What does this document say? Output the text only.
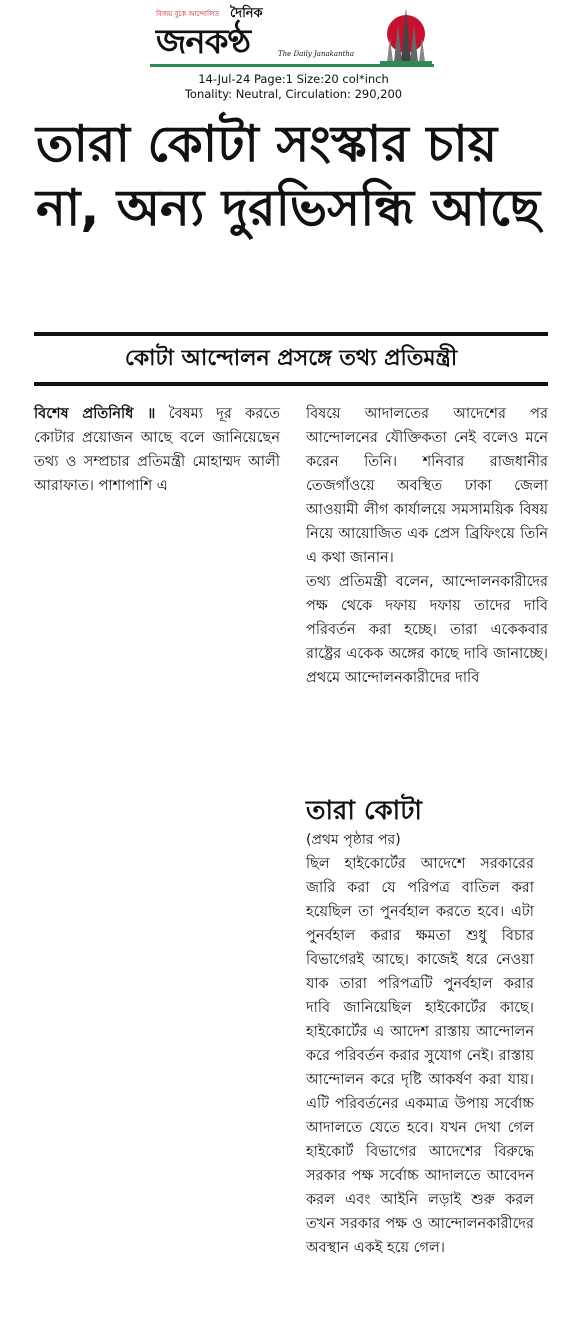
বিজয় বুকে আন্দোলিত দৈনিক
জনকণ্ঠ	The Daily Janakantha
14-Jul-24 Page:1 Size:20 col*inch
Tonality: Neutral, Circulation: 290,200
তারা কোটা সংস্কার চায় না, অন্য দুরভিসন্ধি আছে
কোটা আন্দোলন প্রসঙ্গে তথ্য প্রতিমন্ত্রী

বিশেষ প্রতিনিধি ॥ বৈষম্য দূর করতে কোটার প্রয়োজন আছে বলে জানিয়েছেন তথ্য ও সম্প্রচার প্রতিমন্ত্রী মোহাম্মদ আলী আরাফাত। পাশাপাশি এ

বিষয়ে আদালতের আদেশের পর আন্দোলনের যৌক্তিকতা নেই বলেও মনে করেন তিনি। শনিবার রাজধানীর তেজগাঁওয়ে অবস্থিত ঢাকা জেলা আওয়ামী লীগ কার্যালয়ে সমসাময়িক বিষয় নিয়ে আয়োজিত এক প্রেস ব্রিফিংয়ে তিনি এ কথা জানান।

তথ্য প্রতিমন্ত্রী বলেন, আন্দোলনকারীদের পক্ষ থেকে দফায় দফায় তাদের দাবি পরিবর্তন করা হচ্ছে। তারা একেকবার রাষ্ট্রের একেক অঙ্গের কাছে দাবি জানাচ্ছে। প্রথমে আন্দোলনকারীদের দাবি

তারা কোটা
(প্রথম পৃষ্ঠার পর)

ছিল হাইকোর্টের আদেশে সরকারের জারি করা যে পরিপত্র বাতিল করা হয়েছিল তা পুনর্বহাল করতে হবে। এটা পুনর্বহাল করার ক্ষমতা শুধু বিচার বিভাগেরই আছে। কাজেই ধরে নেওয়া যাক তারা পরিপত্রটি পুনর্বহাল করার দাবি জানিয়েছিল হাইকোর্টের কাছে। হাইকোর্টের এ আদেশ রাস্তায় আন্দোলন করে পরিবর্তন করার সুযোগ নেই। রাস্তায় আন্দোলন করে দৃষ্টি আকর্ষণ করা যায়। এটি পরিবর্তনের একমাত্র উপায় সর্বোচ্চ আদালতে যেতে হবে। যখন দেখা গেল হাইকোর্ট বিভাগের আদেশের বিরুদ্ধে সরকার পক্ষ সর্বোচ্চ আদালতে আবেদন করল এবং আইনি লড়াই শুরু করল তখন সরকার পক্ষ ও আন্দোলনকারীদের অবস্থান একই হয়ে গেল।
